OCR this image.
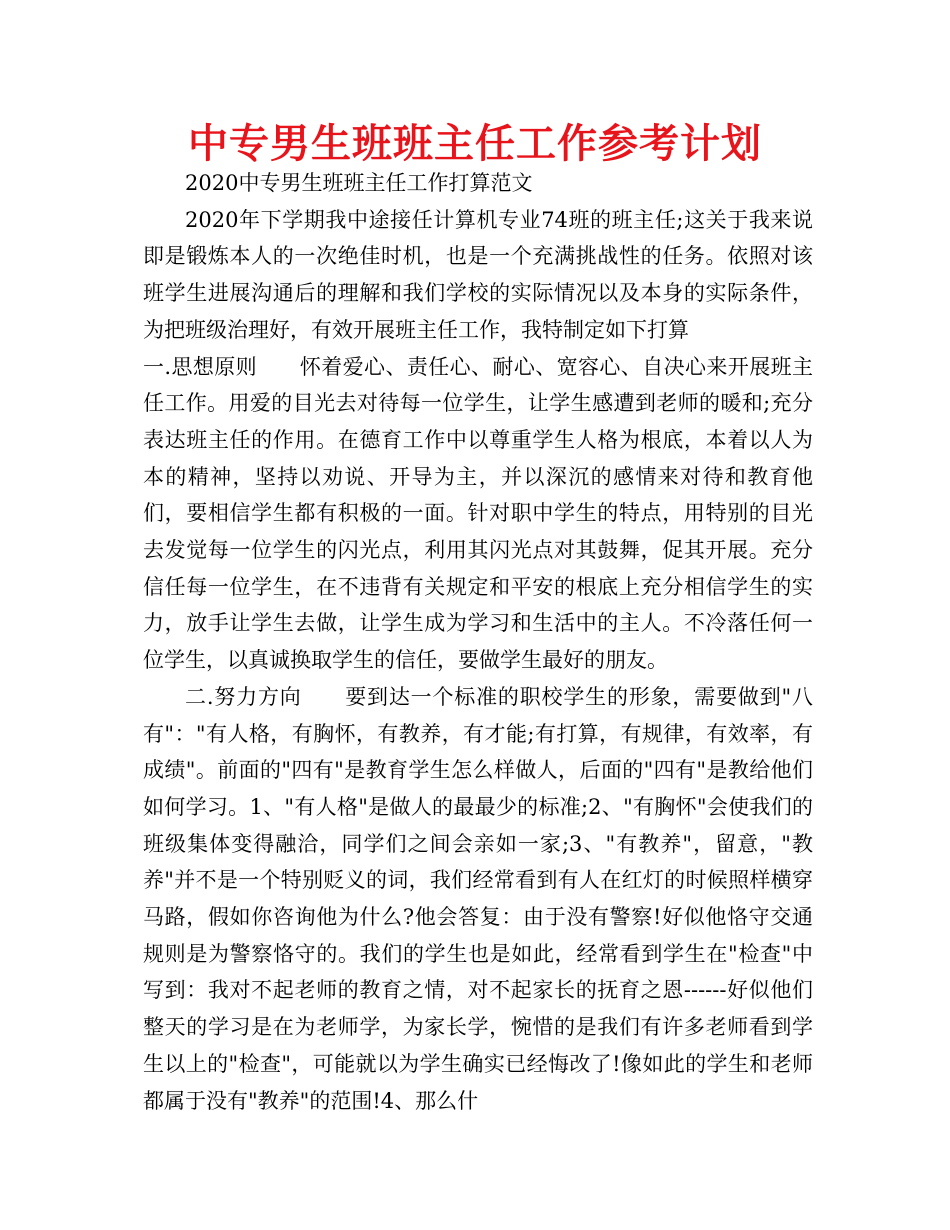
中专男生班班主任工作参考计划

2020中专男生班班主任工作打算范文

2020年下学期我中途接任计算机专业74班的班主任;这关于我来说即是锻炼本人的一次绝佳时机，也是一个充满挑战性的任务。依照对该班学生进展沟通后的理解和我们学校的实际情况以及本身的实际条件，为把班级治理好，有效开展班主任工作，我特制定如下打算

一.思想原则　　怀着爱心、责任心、耐心、宽容心、自决心来开展班主任工作。用爱的目光去对待每一位学生，让学生感遭到老师的暖和;充分表达班主任的作用。在德育工作中以尊重学生人格为根底，本着以人为本的精神，坚持以劝说、开导为主，并以深沉的感情来对待和教育他们，要相信学生都有积极的一面。针对职中学生的特点，用特别的目光去发觉每一位学生的闪光点，利用其闪光点对其鼓舞，促其开展。充分信任每一位学生，在不违背有关规定和平安的根底上充分相信学生的实力，放手让学生去做，让学生成为学习和生活中的主人。不冷落任何一位学生，以真诚换取学生的信任，要做学生最好的朋友。

二.努力方向　　要到达一个标准的职校学生的形象，需要做到"八有"："有人格，有胸怀，有教养，有才能;有打算，有规律，有效率，有成绩"。前面的"四有"是教育学生怎么样做人，后面的"四有"是教给他们如何学习。1、"有人格"是做人的最最少的标准;2、"有胸怀"会使我们的班级集体变得融洽，同学们之间会亲如一家;3、"有教养"，留意，"教养"并不是一个特别贬义的词，我们经常看到有人在红灯的时候照样横穿马路，假如你咨询他为什么?他会答复：由于没有警察!好似他恪守交通规则是为警察恪守的。我们的学生也是如此，经常看到学生在"检查"中写到：我对不起老师的教育之情，对不起家长的抚育之恩------好似他们整天的学习是在为老师学，为家长学，惋惜的是我们有许多老师看到学生以上的"检查"，可能就以为学生确实已经悔改了!像如此的学生和老师都属于没有"教养"的范围!4、那么什
